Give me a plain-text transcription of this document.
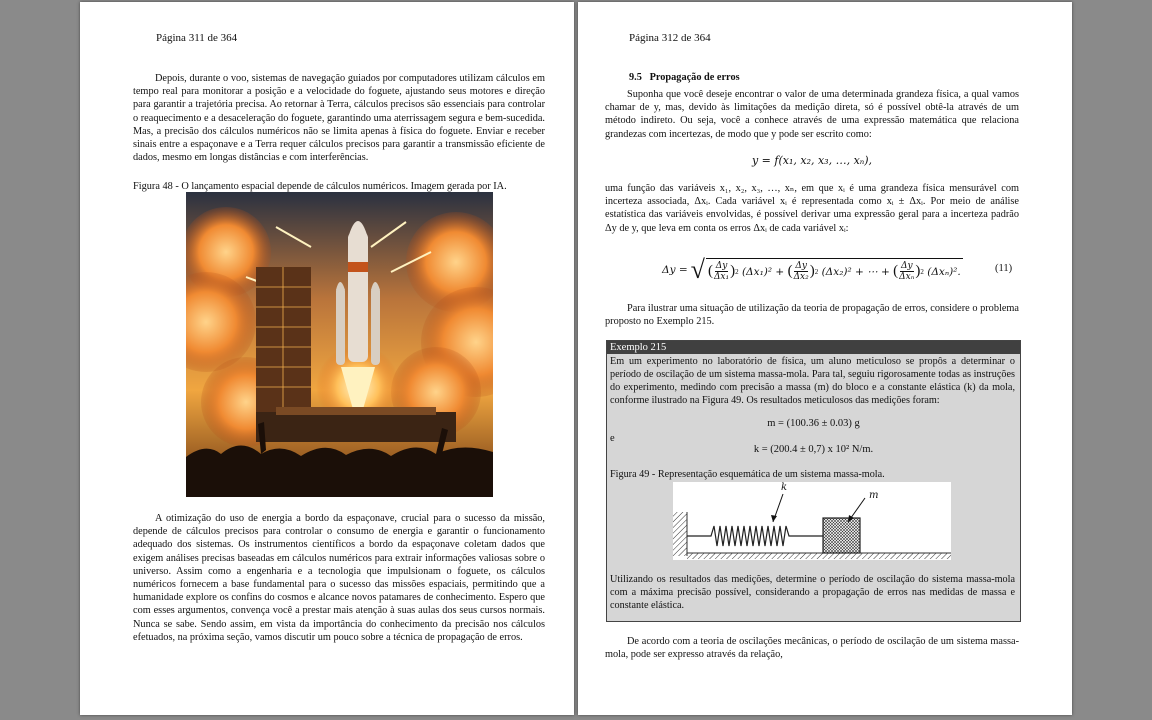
Página 311 de 364

Depois, durante o voo, sistemas de navegação guiados por computadores utilizam cálculos em tempo real para monitorar a posição e a velocidade do foguete, ajustando seus motores e direção para garantir a trajetória precisa. Ao retornar à Terra, cálculos precisos são essenciais para controlar o reaquecimento e a desaceleração do foguete, garantindo uma aterrissagem segura e bem-sucedida. Mas, a precisão dos cálculos numéricos não se limita apenas à física do foguete. Enviar e receber sinais entre a espaçonave e a Terra requer cálculos precisos para garantir a transmissão eficiente de dados, mesmo em longas distâncias e com interferências.

Figura 48 - O lançamento espacial depende de cálculos numéricos. Imagem gerada por IA.

A otimização do uso de energia a bordo da espaçonave, crucial para o sucesso da missão, depende de cálculos precisos para controlar o consumo de energia e garantir o funcionamento adequado dos sistemas. Os instrumentos científicos a bordo da espaçonave coletam dados que exigem análises precisas baseadas em cálculos numéricos para extrair informações valiosas sobre o universo. Assim como a engenharia e a tecnologia que impulsionam o foguete, os cálculos numéricos fornecem a base fundamental para o sucesso das missões espaciais, permitindo que a humanidade explore os confins do cosmos e alcance novos patamares de conhecimento. Espero que com esses argumentos, convença você a prestar mais atenção à suas aulas dos seus cursos normais. Nunca se sabe. Sendo assim, em vista da importância do conhecimento da precisão nos cálculos efetuados, na próxima seção, vamos discutir um pouco sobre a técnica de propagação de erros.

Página 312 de 364

9.5 Propagação de erros

Suponha que você deseje encontrar o valor de uma determinada grandeza física, a qual vamos chamar de y, mas, devido às limitações da medição direta, só é possível obtê-la através de um método indireto. Ou seja, você a conhece através de uma expressão matemática que relaciona grandezas com incertezas, de modo que y pode ser escrito como:

y = f(x₁, x₂, x₃, …, xₙ),

uma função das variáveis x₁, x₂, x₃, …, xₙ, em que xᵢ é uma grandeza física mensurável com incerteza associada, Δxᵢ. Cada variável xᵢ é representada como xᵢ ± Δxᵢ. Por meio de análise estatística das variáveis envolvidas, é possível derivar uma expressão geral para a incerteza padrão Δy de y, que leva em conta os erros Δxᵢ de cada variável xᵢ:

Δy = √ ( $\frac{\Delta y}{\text{Δx₁}}$ ) 2 (Δx₁)² + ( $\frac{\Delta y}{\text{Δx₂}}$ ) 2 (Δx₂)² + ⋯ + ( $\frac{\Delta y}{\text{Δxₙ}}$ ) 2 (Δxₙ)².	(11)

Para ilustrar uma situação de utilização da teoria de propagação de erros, considere o problema proposto no Exemplo 215.

Exemplo 215

Em um experimento no laboratório de física, um aluno meticuloso se propôs a determinar o período de oscilação de um sistema massa-mola. Para tal, seguiu rigorosamente todas as instruções do experimento, medindo com precisão a massa (m) do bloco e a constante elástica (k) da mola, conforme ilustrado na Figura 49. Os resultados meticulosos das medições foram:

m = (100.36 ± 0.03) g
e
k = (200.4 ± 0,7) x 10² N/m.
Figura 49 - Representação esquemática de um sistema massa-mola.
k
m

Utilizando os resultados das medições, determine o período de oscilação do sistema massa-mola com a máxima precisão possível, considerando a propagação de erros nas medidas de massa e constante elástica.

De acordo com a teoria de oscilações mecânicas, o período de oscilação de um sistema massa-mola, pode ser expresso através da relação,
